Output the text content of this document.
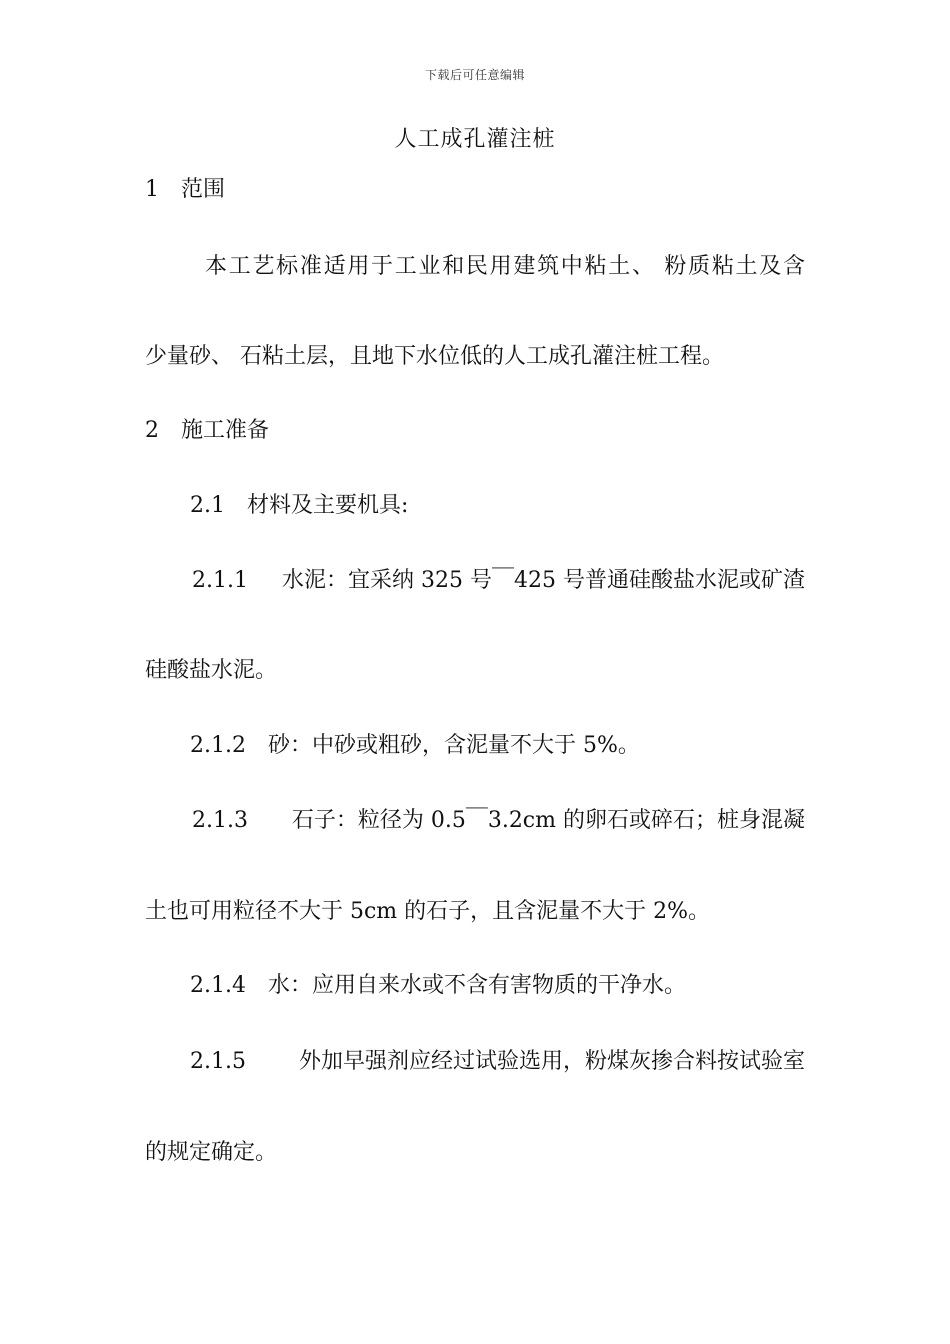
下载后可任意编辑
人工成孔灌注桩
1 范围
本工艺标准适用于工业和民用建筑中粘土、 粉质粘土及含
少量砂、 石粘土层，且地下水位低的人工成孔灌注桩工程。
2 施工准备
2.1 材料及主要机具:
2.1.1 水泥：宜采纳 325 号￣425 号普通硅酸盐水泥或矿渣
硅酸盐水泥。
2.1.2 砂：中砂或粗砂，含泥量不大于 5%。
2.1.3 石子：粒径为 0.5￣3.2cm 的卵石或碎石；桩身混凝
土也可用粒径不大于 5cm 的石子，且含泥量不大于 2%。
2.1.4 水：应用自来水或不含有害物质的干净水。
2.1.5 外加早强剂应经过试验选用，粉煤灰掺合料按试验室
的规定确定。
